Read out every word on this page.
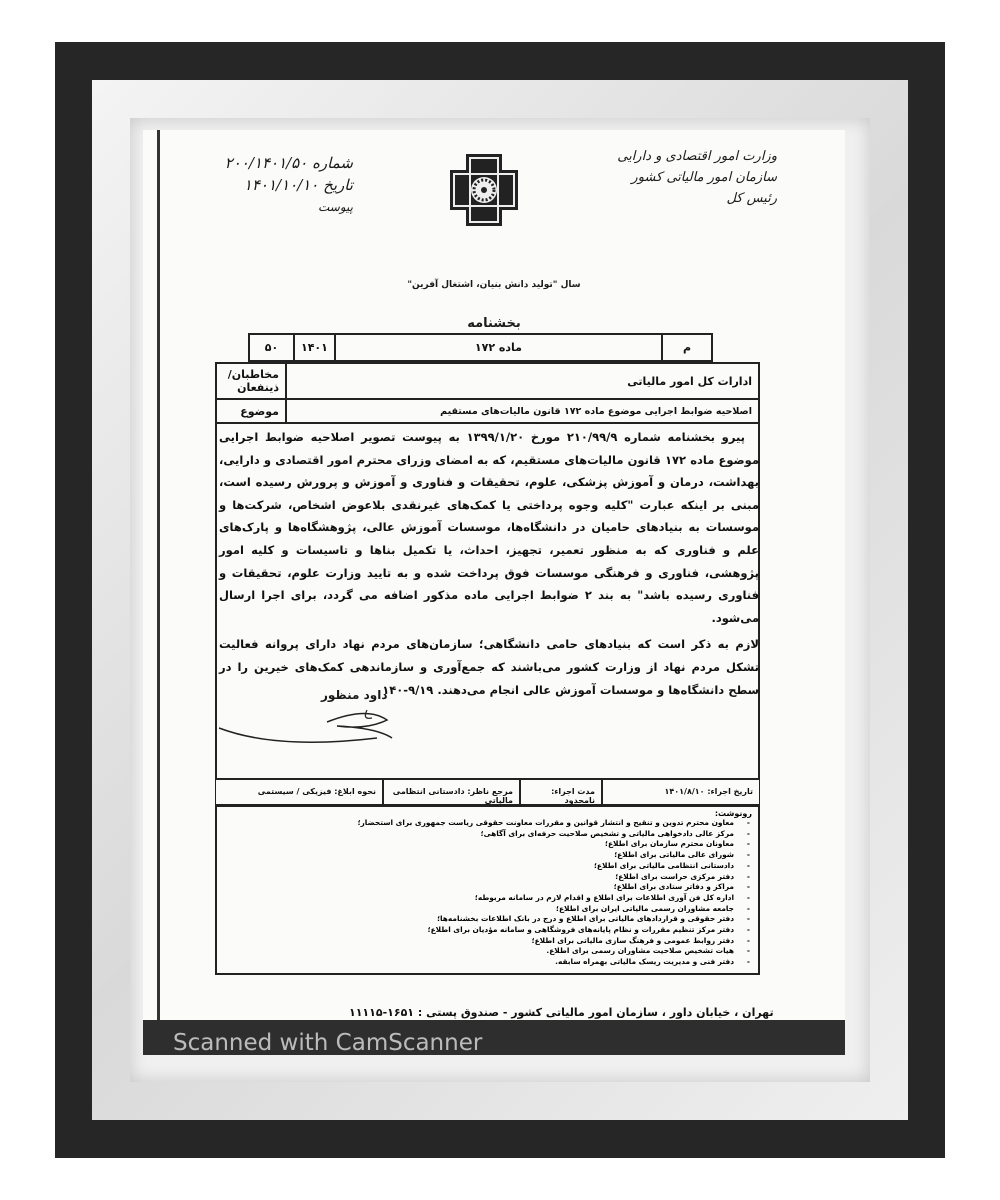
وزارت امور اقتصادی و دارایی
سازمان امور مالیاتی کشور
رئیس کل
شماره ۲۰۰/۱۴۰۱/۵۰
تاریخ ۱۴۰۱/۱۰/۱۰
پیوست
سال "تولید دانش بنیان، اشتغال آفرین"
بخشنامه
۵۰	۱۴۰۱	ماده ۱۷۲	م
مخاطبان/ذینفعان	ادارات کل امور مالیاتی
موضوع	اصلاحیه ضوابط اجرایی موضوع ماده ۱۷۲ قانون مالیات‌های مستقیم

پیرو بخشنامه شماره ۲۱۰/۹۹/۹ مورخ ۱۳۹۹/۱/۲۰ به پیوست تصویر اصلاحیه ضوابط اجرایی موضوع ماده ۱۷۲ قانون مالیات‌های مستقیم، که به امضای وزرای محترم امور اقتصادی و دارایی، بهداشت، درمان و آموزش پزشکی، علوم، تحقیقات و فناوری و آموزش و پرورش رسیده است، مبنی بر اینکه عبارت "کلیه وجوه پرداختی یا کمک‌های غیرنقدی بلاعوض اشخاص، شرکت‌ها و موسسات به بنیادهای حامیان در دانشگاه‌ها، موسسات آموزش عالی، پژوهشگاه‌ها و پارک‌های علم و فناوری که به منظور تعمیر، تجهیز، احداث، یا تکمیل بناها و تاسیسات و کلیه امور پژوهشی، فناوری و فرهنگی موسسات فوق پرداخت شده و به تایید وزارت علوم، تحقیقات و فناوری رسیده باشد" به بند ۲ ضوابط اجرایی ماده مذکور اضافه می گردد، برای اجرا ارسال می‌شود.

لازم به ذکر است که بنیادهای حامی دانشگاهی؛ سازمان‌های مردم نهاد دارای پروانه فعالیت تشکل مردم نهاد از وزارت کشور می‌باشند که جمع‌آوری و سازماندهی کمک‌های خیرین را در سطح دانشگاه‌ها و موسسات آموزش عالی انجام می‌دهند. ۹/۱۹-۱۴۰

داود منظور
تاریخ اجراء: ۱۴۰۱/۸/۱۰
مدت اجراء: نامحدود
مرجع ناظر: دادستانی انتظامی مالیاتی
نحوه ابلاغ: فیزیکی / سیستمی
رونوشت:
- معاون محترم تدوین و تنقیح و انتشار قوانین و مقررات معاونت حقوقی ریاست جمهوری برای استحضار؛
- مرکز عالی دادخواهی مالیاتی و تشخیص صلاحیت حرفه‌ای برای آگاهی؛
- معاونان محترم سازمان برای اطلاع؛
- شورای عالی مالیاتی برای اطلاع؛
- دادستانی انتظامی مالیاتی برای اطلاع؛
- دفتر مرکزی حراست برای اطلاع؛
- مراکز و دفاتر ستادی برای اطلاع؛
- اداره کل فن آوری اطلاعات برای اطلاع و اقدام لازم در سامانه مربوطه؛
- جامعه مشاوران رسمی مالیاتی ایران برای اطلاع؛
- دفتر حقوقی و قراردادهای مالیاتی برای اطلاع و درج در بانک اطلاعات بخشنامه‌ها؛
- دفتر مرکز تنظیم مقررات و نظام پایانه‌های فروشگاهی و سامانه مؤدیان برای اطلاع؛
- دفتر روابط عمومی و فرهنگ سازی مالیاتی برای اطلاع؛
- هیات تشخیص صلاحیت مشاوران رسمی برای اطلاع.
- دفتر فنی و مدیریت ریسک مالیاتی بهمراه سابقه.
تهران ، خیابان داور ، سازمان امور مالیاتی کشور - صندوق پستی : ۱۶۵۱-۱۱۱۱۵
Scanned with CamScanner
